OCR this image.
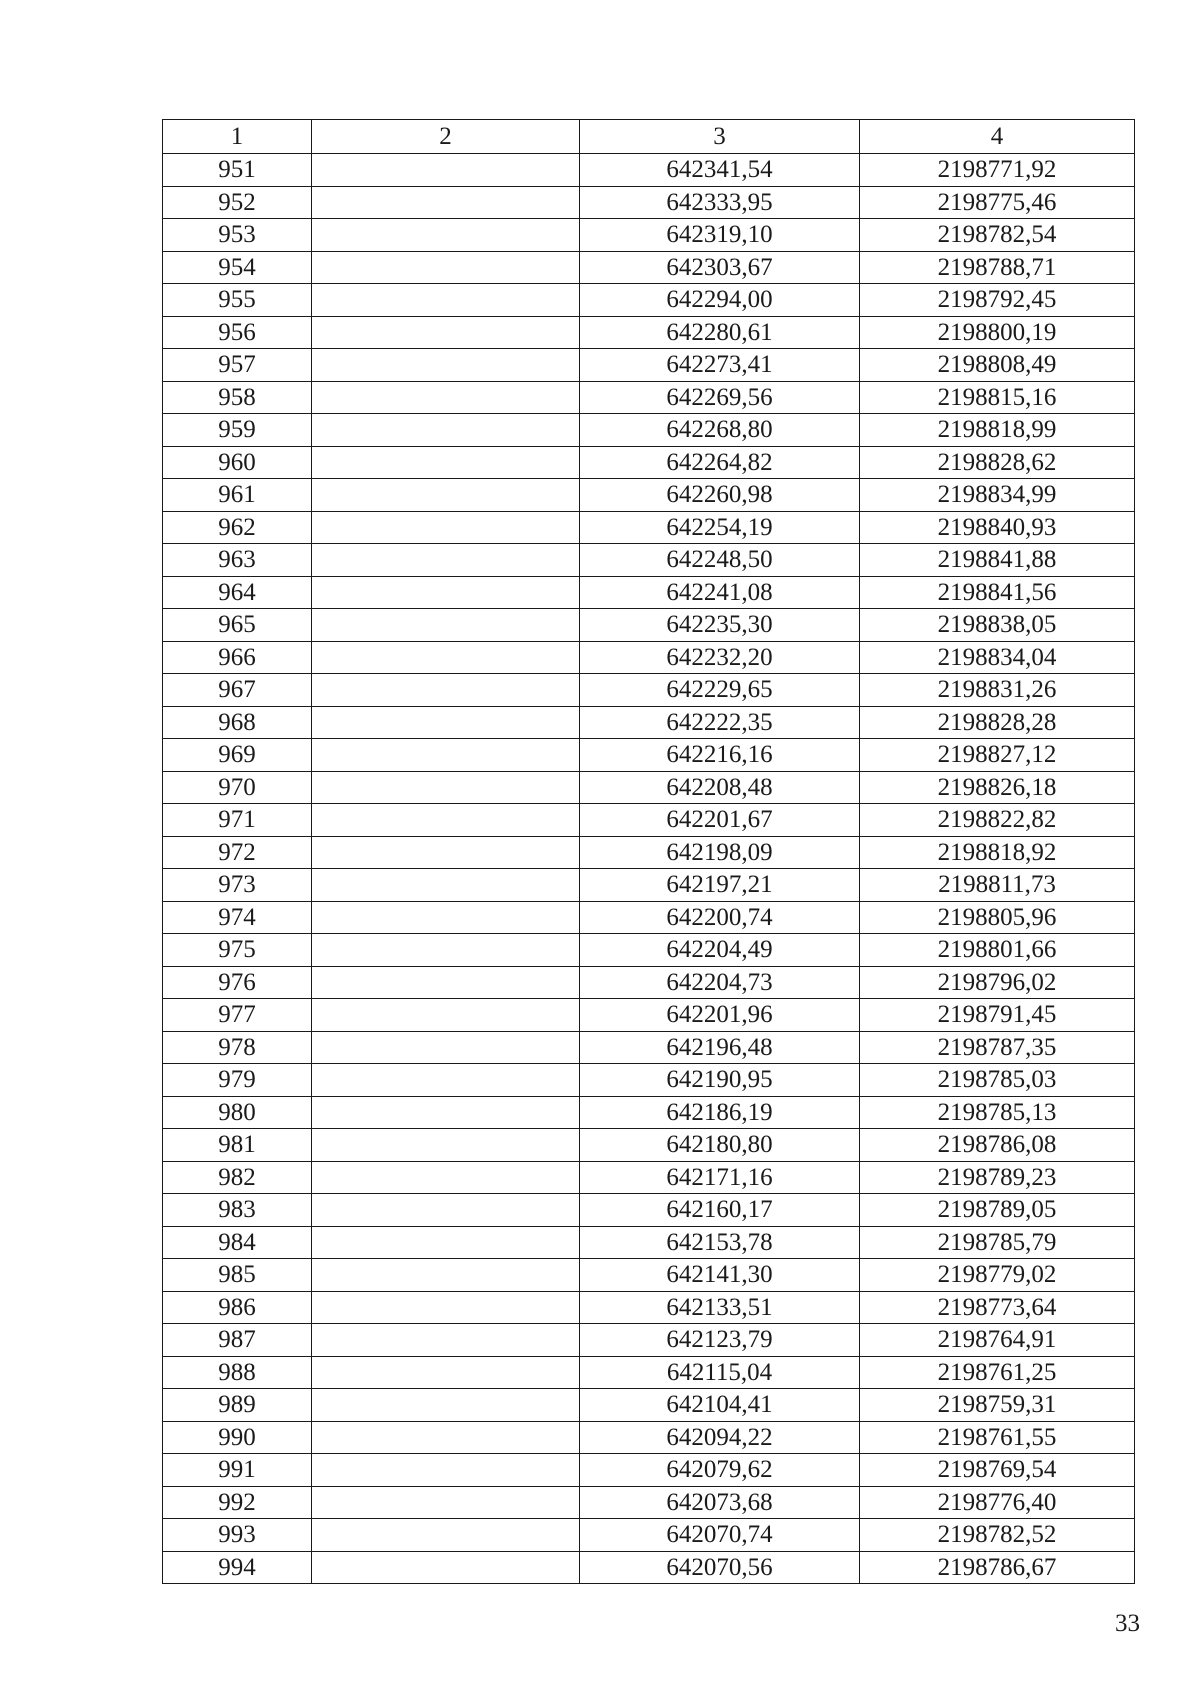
1	2	3	4
951		642341,54	2198771,92
952		642333,95	2198775,46
953		642319,10	2198782,54
954		642303,67	2198788,71
955		642294,00	2198792,45
956		642280,61	2198800,19
957		642273,41	2198808,49
958		642269,56	2198815,16
959		642268,80	2198818,99
960		642264,82	2198828,62
961		642260,98	2198834,99
962		642254,19	2198840,93
963		642248,50	2198841,88
964		642241,08	2198841,56
965		642235,30	2198838,05
966		642232,20	2198834,04
967		642229,65	2198831,26
968		642222,35	2198828,28
969		642216,16	2198827,12
970		642208,48	2198826,18
971		642201,67	2198822,82
972		642198,09	2198818,92
973		642197,21	2198811,73
974		642200,74	2198805,96
975		642204,49	2198801,66
976		642204,73	2198796,02
977		642201,96	2198791,45
978		642196,48	2198787,35
979		642190,95	2198785,03
980		642186,19	2198785,13
981		642180,80	2198786,08
982		642171,16	2198789,23
983		642160,17	2198789,05
984		642153,78	2198785,79
985		642141,30	2198779,02
986		642133,51	2198773,64
987		642123,79	2198764,91
988		642115,04	2198761,25
989		642104,41	2198759,31
990		642094,22	2198761,55
991		642079,62	2198769,54
992		642073,68	2198776,40
993		642070,74	2198782,52
994		642070,56	2198786,67
33
